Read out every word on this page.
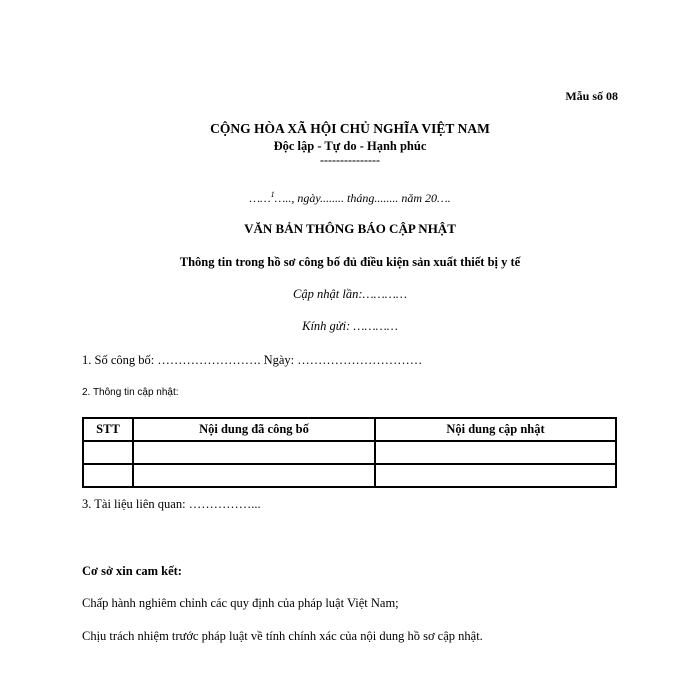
Mẫu số 08
CỘNG HÒA XÃ HỘI CHỦ NGHĨA VIỆT NAM
Độc lập - Tự do - Hạnh phúc
---------------
……$^1$….., ngày........ tháng........ năm 20….
VĂN BẢN THÔNG BÁO CẬP NHẬT
Thông tin trong hồ sơ công bố đủ điều kiện sản xuất thiết bị y tế
Cập nhật lần:…………
Kính gửi: …………
1. Số công bố: ……………………. Ngày: …………………………
2. Thông tin cập nhật:
STT	Nội dung đã công bố	Nội dung cập nhật

3. Tài liệu liên quan: ……………...
Cơ sở xin cam kết:
Chấp hành nghiêm chỉnh các quy định của pháp luật Việt Nam;
Chịu trách nhiệm trước pháp luật về tính chính xác của nội dung hồ sơ cập nhật.
